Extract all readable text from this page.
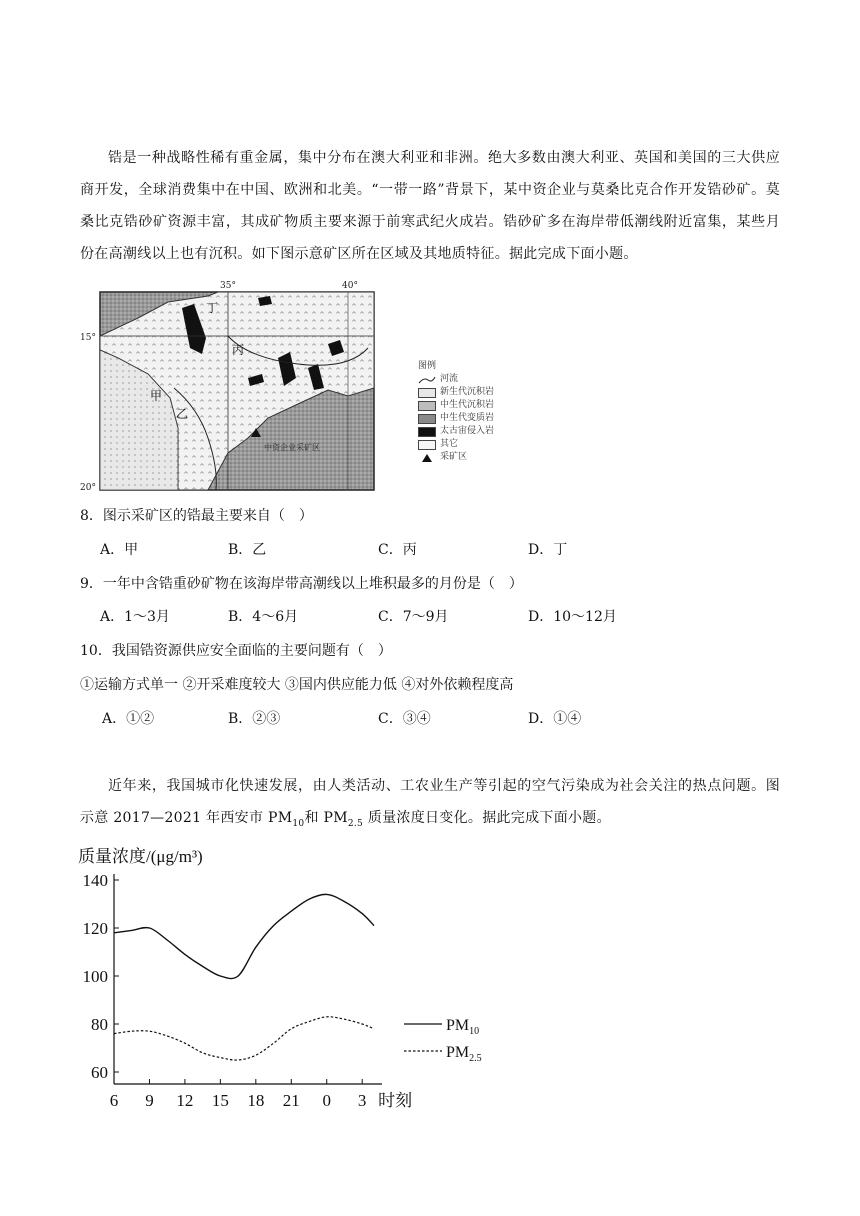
锆是一种战略性稀有重金属，集中分布在澳大利亚和非洲。绝大多数由澳大利亚、英国和美国的三大供应商开发，全球消费集中在中国、欧洲和北美。“一带一路”背景下，某中资企业与莫桑比克合作开发锆砂矿。莫桑比克锆砂矿资源丰富，其成矿物质主要来源于前寒武纪火成岩。锆砂矿多在海岸带低潮线附近富集，某些月份在高潮线以上也有沉积。如下图示意矿区所在区域及其地质特征。据此完成下面小题。
35°	40°
15°
20°
甲
乙
丙
丁
中资企业采矿区
图例
河流
新生代沉积岩
中生代沉积岩
中生代变质岩
太古宙侵入岩
其它
采矿区
8．图示采矿区的锆最主要来自（　）
A．甲	B．乙	C．丙	D．丁
9．一年中含锆重砂矿物在该海岸带高潮线以上堆积最多的月份是（　）
A．1～3月	B．4～6月	C．7～9月	D．10～12月
10．我国锆资源供应安全面临的主要问题有（　）
①运输方式单一 ②开采难度较大 ③国内供应能力低 ④对外依赖程度高
A．①②	B．②③	C．③④	D．①④
近年来，我国城市化快速发展，由人类活动、工农业生产等引起的空气污染成为社会关注的热点问题。图示意 2017—2021 年西安市 $PM_{10}$和 $PM_{2.5}$ 质量浓度日变化。据此完成下面小题。
质量浓度/(μg/m³)
60
80
100
120
140
6 9 12 15 18 21 0 3 时刻
$PM_{10}$
$PM_{2.5}$
